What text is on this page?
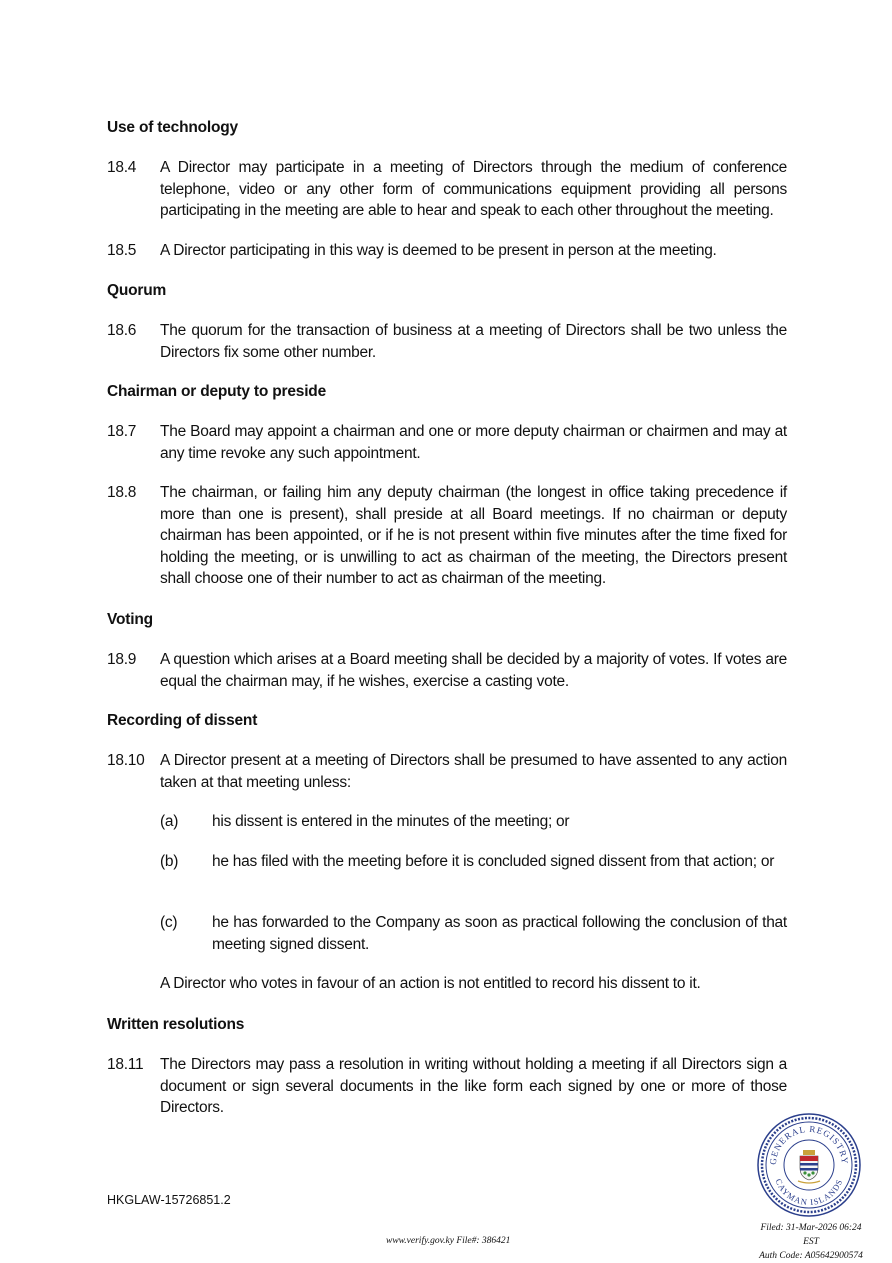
Use of technology
18.4 A Director may participate in a meeting of Directors through the medium of conference telephone, video or any other form of communications equipment providing all persons participating in the meeting are able to hear and speak to each other throughout the meeting.
18.5 A Director participating in this way is deemed to be present in person at the meeting.
Quorum
18.6 The quorum for the transaction of business at a meeting of Directors shall be two unless the Directors fix some other number.
Chairman or deputy to preside
18.7 The Board may appoint a chairman and one or more deputy chairman or chairmen and may at any time revoke any such appointment.
18.8 The chairman, or failing him any deputy chairman (the longest in office taking precedence if more than one is present), shall preside at all Board meetings. If no chairman or deputy chairman has been appointed, or if he is not present within five minutes after the time fixed for holding the meeting, or is unwilling to act as chairman of the meeting, the Directors present shall choose one of their number to act as chairman of the meeting.
Voting
18.9 A question which arises at a Board meeting shall be decided by a majority of votes. If votes are equal the chairman may, if he wishes, exercise a casting vote.
Recording of dissent
18.10 A Director present at a meeting of Directors shall be presumed to have assented to any action taken at that meeting unless:
(a) his dissent is entered in the minutes of the meeting; or
(b) he has filed with the meeting before it is concluded signed dissent from that action; or
(c) he has forwarded to the Company as soon as practical following the conclusion of that meeting signed dissent.
A Director who votes in favour of an action is not entitled to record his dissent to it.
Written resolutions
18.11 The Directors may pass a resolution in writing without holding a meeting if all Directors sign a document or sign several documents in the like form each signed by one or more of those Directors.
HKGLAW-15726851.2
www.verify.gov.ky File#: 386421
GENERAL REGISTRY
CAYMAN ISLANDS
Filed: 31-Mar-2026 06:24 EST
Auth Code: A05642900574
